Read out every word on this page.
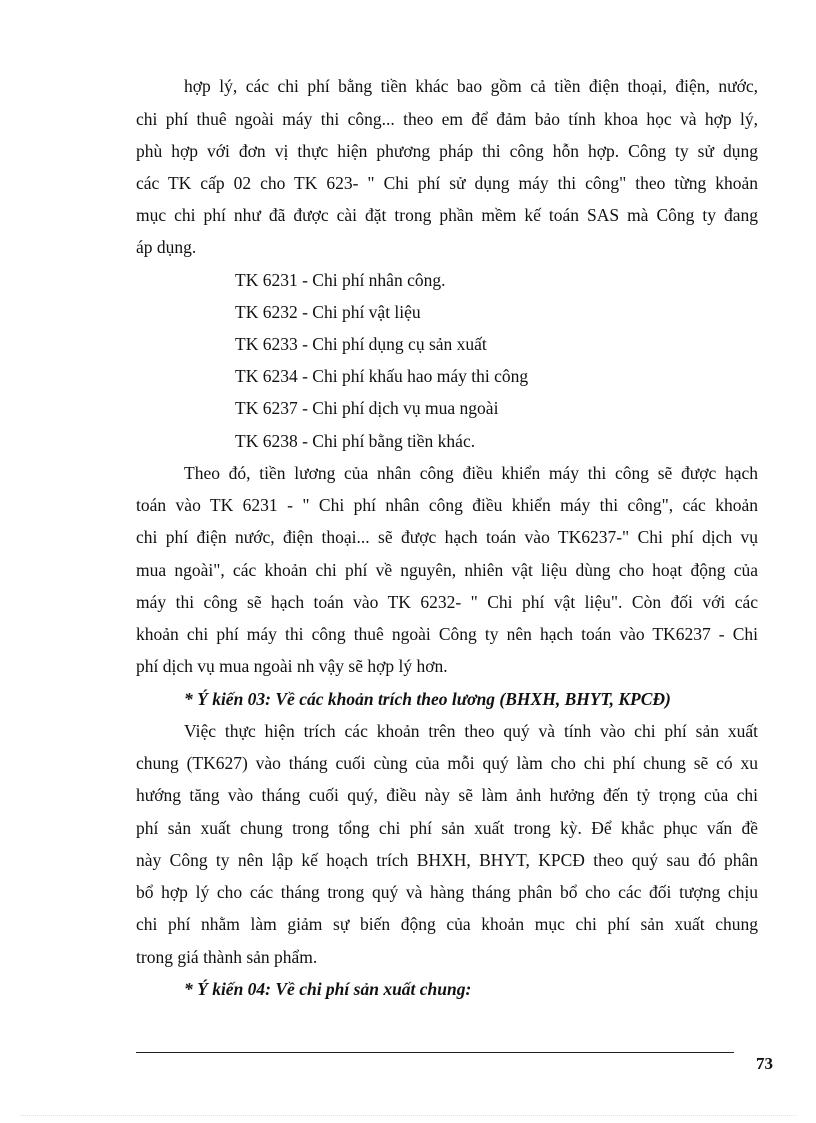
hợp lý, các chi phí bằng tiền khác bao gồm cả tiền điện thoại, điện, nước,
chi phí thuê ngoài máy thi công... theo em để đảm bảo tính khoa học và hợp lý,
phù hợp với đơn vị thực hiện phương pháp thi công hỗn hợp. Công ty sử dụng
các TK cấp 02 cho TK 623- " Chi phí sử dụng máy thi công" theo từng khoản
mục chi phí như đã được cài đặt trong phần mềm kế toán SAS mà Công ty đang
áp dụng.
TK 6231 - Chi phí nhân công.
TK 6232 - Chi phí vật liệu
TK 6233 - Chi phí dụng cụ sản xuất
TK 6234 - Chi phí khấu hao máy thi công
TK 6237 - Chi phí dịch vụ mua ngoài
TK 6238 - Chi phí bằng tiền khác.
Theo đó, tiền lương của nhân công điều khiển máy thi công sẽ được hạch
toán vào TK 6231 - " Chi phí nhân công điều khiển máy thi công", các khoản
chi phí điện nước, điện thoại... sẽ được hạch toán vào TK6237-" Chi phí dịch vụ
mua ngoài", các khoản chi phí về nguyên, nhiên vật liệu dùng cho hoạt động của
máy thi công sẽ hạch toán vào TK 6232- " Chi phí vật liệu". Còn đối với các
khoản chi phí máy thi công thuê ngoài Công ty nên hạch toán vào TK6237 - Chi
phí dịch vụ mua ngoài nh vậy sẽ hợp lý hơn.
* Ý kiến 03: Về các khoản trích theo lương (BHXH, BHYT, KPCĐ)
Việc thực hiện trích các khoản trên theo quý và tính vào chi phí sản xuất
chung (TK627) vào tháng cuối cùng của mỗi quý làm cho chi phí chung sẽ có xu
hướng tăng vào tháng cuối quý, điều này sẽ làm ảnh hưởng đến tỷ trọng của chi
phí sản xuất chung trong tổng chi phí sản xuất trong kỳ. Để khắc phục vấn đề
này Công ty nên lập kế hoạch trích BHXH, BHYT, KPCĐ theo quý sau đó phân
bổ hợp lý cho các tháng trong quý và hàng tháng phân bổ cho các đối tượng chịu
chi phí nhằm làm giảm sự biến động của khoản mục chi phí sản xuất chung
trong giá thành sản phẩm.
* Ý kiến 04: Về chi phí sản xuất chung:
73
